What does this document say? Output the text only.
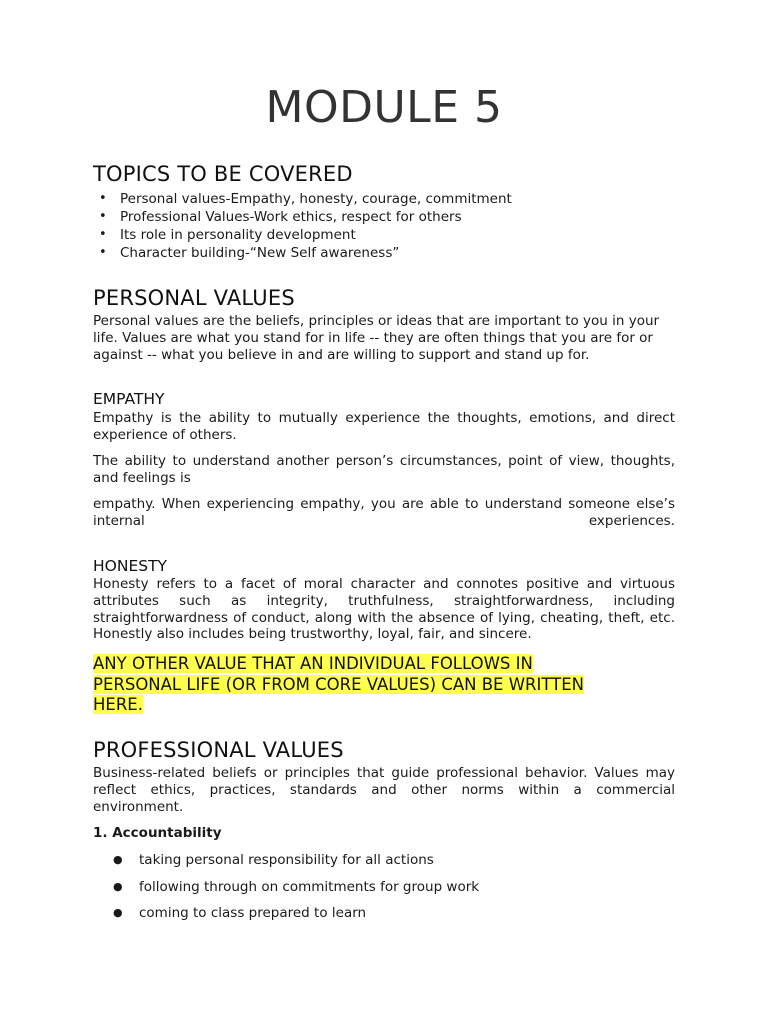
MODULE 5
TOPICS TO BE COVERED
• Personal values-Empathy, honesty, courage, commitment
• Professional Values-Work ethics, respect for others
• Its role in personality development
• Character building-“New Self awareness”
PERSONAL VALUES

Personal values are the beliefs, principles or ideas that are important to you in your life. Values are what you stand for in life -- they are often things that you are for or against -- what you believe in and are willing to support and stand up for.

EMPATHY

Empathy is the ability to mutually experience the thoughts, emotions, and direct experience of others.

The ability to understand another person’s circumstances, point of view, thoughts, and feelings is

empathy. When experiencing empathy, you are able to understand someone else’s internal experiences.

HONESTY

Honesty refers to a facet of moral character and connotes positive and virtuous attributes such as integrity, truthfulness, straightforwardness, including straightforwardness of conduct, along with the absence of lying, cheating, theft, etc. Honestly also includes being trustworthy, loyal, fair, and sincere.

ANY OTHER VALUE THAT AN INDIVIDUAL FOLLOWS IN
PERSONAL LIFE (OR FROM CORE VALUES) CAN BE WRITTEN
HERE.
PROFESSIONAL VALUES

Business-related beliefs or principles that guide professional behavior. Values may reflect ethics, practices, standards and other norms within a commercial environment.

1. Accountability

● taking personal responsibility for all actions
● following through on commitments for group work
● coming to class prepared to learn
